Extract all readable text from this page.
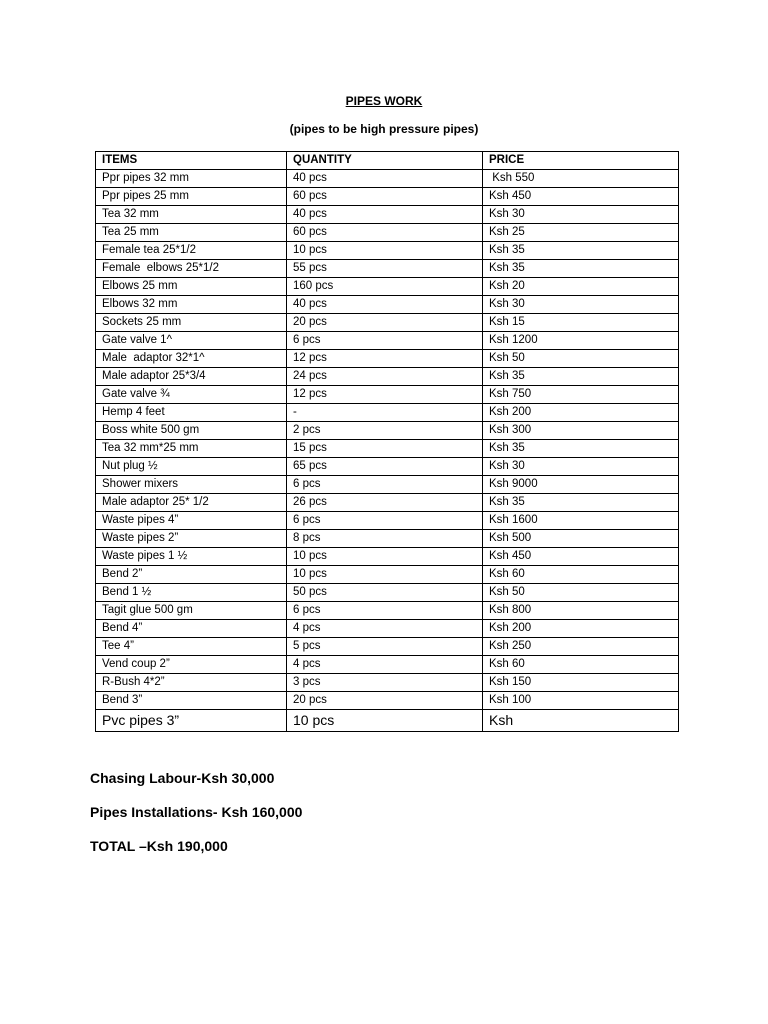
PIPES WORK
(pipes to be high pressure pipes)
ITEMS	QUANTITY	PRICE
Ppr pipes 32 mm	40 pcs	Ksh 550
Ppr pipes 25 mm	60 pcs	Ksh 450
Tea 32 mm	40 pcs	Ksh 30
Tea 25 mm	60 pcs	Ksh 25
Female tea 25*1/2	10 pcs	Ksh 35
Female  elbows 25*1/2	55 pcs	Ksh 35
Elbows 25 mm	160 pcs	Ksh 20
Elbows 32 mm	40 pcs	Ksh 30
Sockets 25 mm	20 pcs	Ksh 15
Gate valve 1^	6 pcs	Ksh 1200
Male  adaptor 32*1^	12 pcs	Ksh 50
Male adaptor 25*3/4	24 pcs	Ksh 35
Gate valve ¾	12 pcs	Ksh 750
Hemp 4 feet	-	Ksh 200
Boss white 500 gm	2 pcs	Ksh 300
Tea 32 mm*25 mm	15 pcs	Ksh 35
Nut plug ½	65 pcs	Ksh 30
Shower mixers	6 pcs	Ksh 9000
Male adaptor 25* 1/2	26 pcs	Ksh 35
Waste pipes 4”	6 pcs	Ksh 1600
Waste pipes 2”	8 pcs	Ksh 500
Waste pipes 1 ½	10 pcs	Ksh 450
Bend 2”	10 pcs	Ksh 60
Bend 1 ½	50 pcs	Ksh 50
Tagit glue 500 gm	6 pcs	Ksh 800
Bend 4”	4 pcs	Ksh 200
Tee 4”	5 pcs	Ksh 250
Vend coup 2”	4 pcs	Ksh 60
R-Bush 4*2”	3 pcs	Ksh 150
Bend 3”	20 pcs	Ksh 100
Pvc pipes 3”	10 pcs	Ksh
Chasing Labour-Ksh 30,000
Pipes Installations- Ksh 160,000
TOTAL –Ksh 190,000
